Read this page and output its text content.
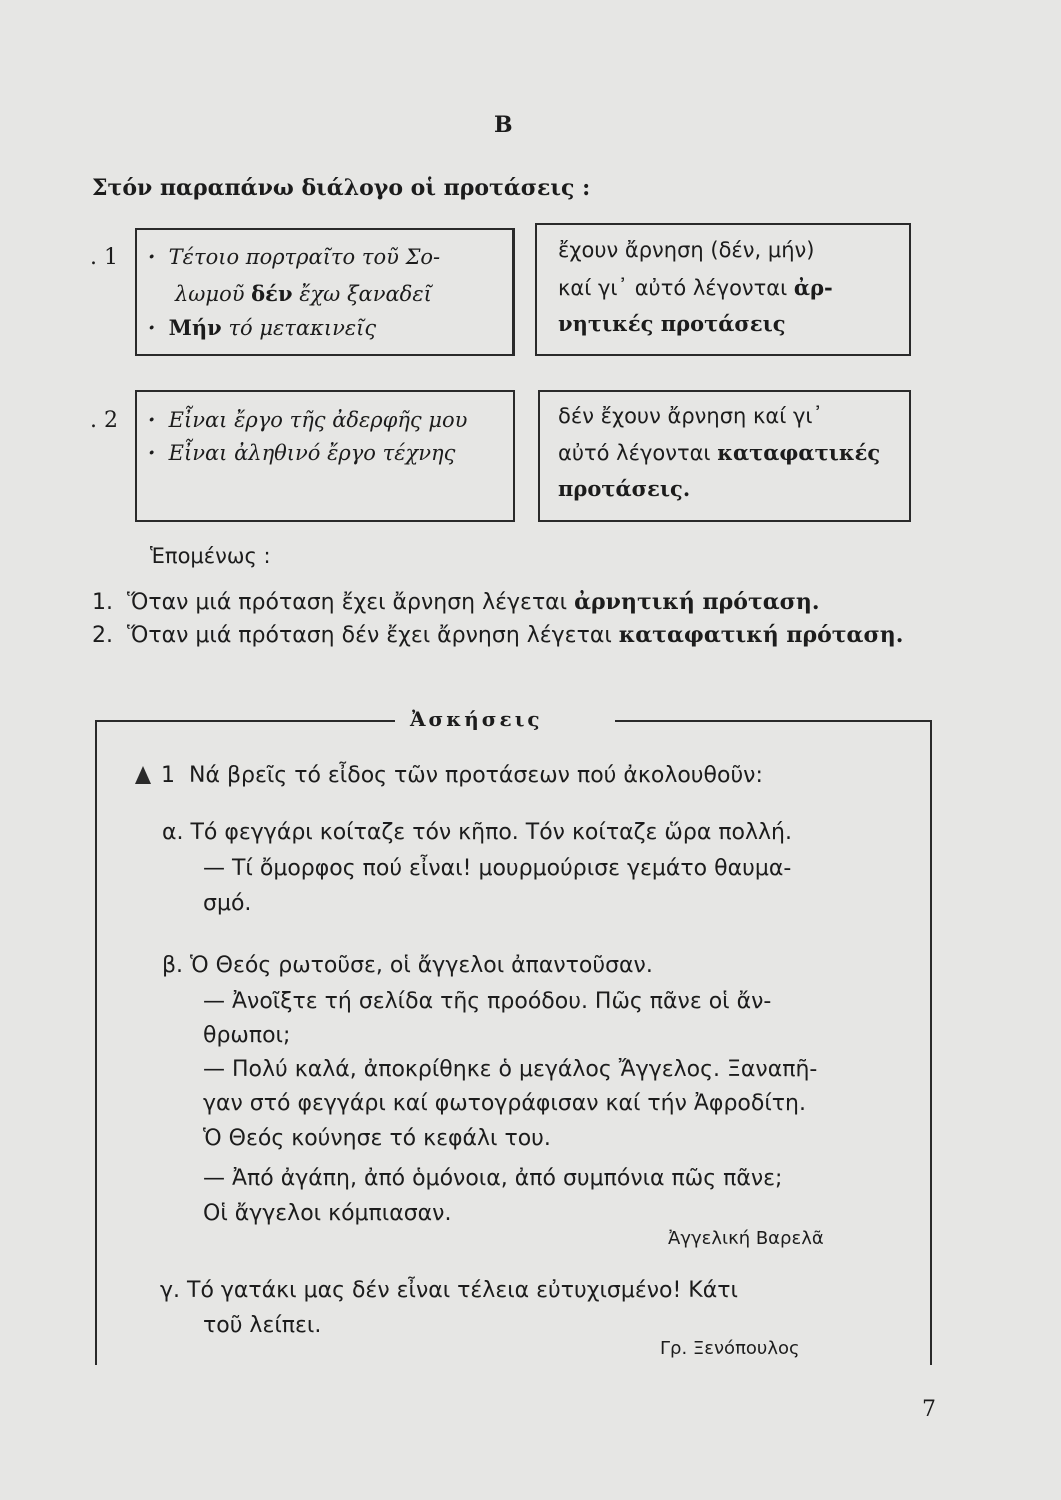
Β
Στόν παραπάνω διάλογο οἱ προτάσεις :
. 1 · Τέτοιο πορτραῖτο τοῦ Σο-
λωμοῦ δέν ἔχω ξαναδεῖ
· Μήν τό μετακινεῖς
ἔχουν ἄρνηση (δέν, μήν)
καί γι᾿ αὐτό λέγονται ἀρ-
νητικές προτάσεις
. 2 · Εἶναι ἔργο τῆς ἀδερφῆς μου
· Εἶναι ἀληθινό ἔργο τέχνης
δέν ἔχουν ἄρνηση καί γι᾿
αὐτό λέγονται καταφατικές
προτάσεις.
Ἑπομένως :
1. Ὅταν μιά πρόταση ἔχει ἄρνηση λέγεται ἀρνητική πρόταση.
2. Ὅταν μιά πρόταση δέν ἔχει ἄρνηση λέγεται καταφατική πρόταση.
Ἀσκήσεις
1 Νά βρεῖς τό εἶδος τῶν προτάσεων πού ἀκολουθοῦν:
α. Τό φεγγάρι κοίταζε τόν κῆπο. Τόν κοίταζε ὥρα πολλή.
— Τί ὄμορφος πού εἶναι! μουρμούρισε γεμάτο θαυμα-
σμό.
β. Ὁ Θεός ρωτοῦσε, οἱ ἄγγελοι ἀπαντοῦσαν.
— Ἀνοῖξτε τή σελίδα τῆς προόδου. Πῶς πᾶνε οἱ ἄν-
θρωποι;
— Πολύ καλά, ἀποκρίθηκε ὁ μεγάλος Ἄγγελος. Ξαναπῆ-
γαν στό φεγγάρι καί φωτογράφισαν καί τήν Ἀφροδίτη.
Ὁ Θεός κούνησε τό κεφάλι του.
— Ἀπό ἀγάπη, ἀπό ὁμόνοια, ἀπό συμπόνια πῶς πᾶνε;
Οἱ ἄγγελοι κόμπιασαν.
Ἀγγελική Βαρελᾶ
γ. Τό γατάκι μας δέν εἶναι τέλεια εὐτυχισμένο! Κάτι
τοῦ λείπει.
Γρ. Ξενόπουλος
7
